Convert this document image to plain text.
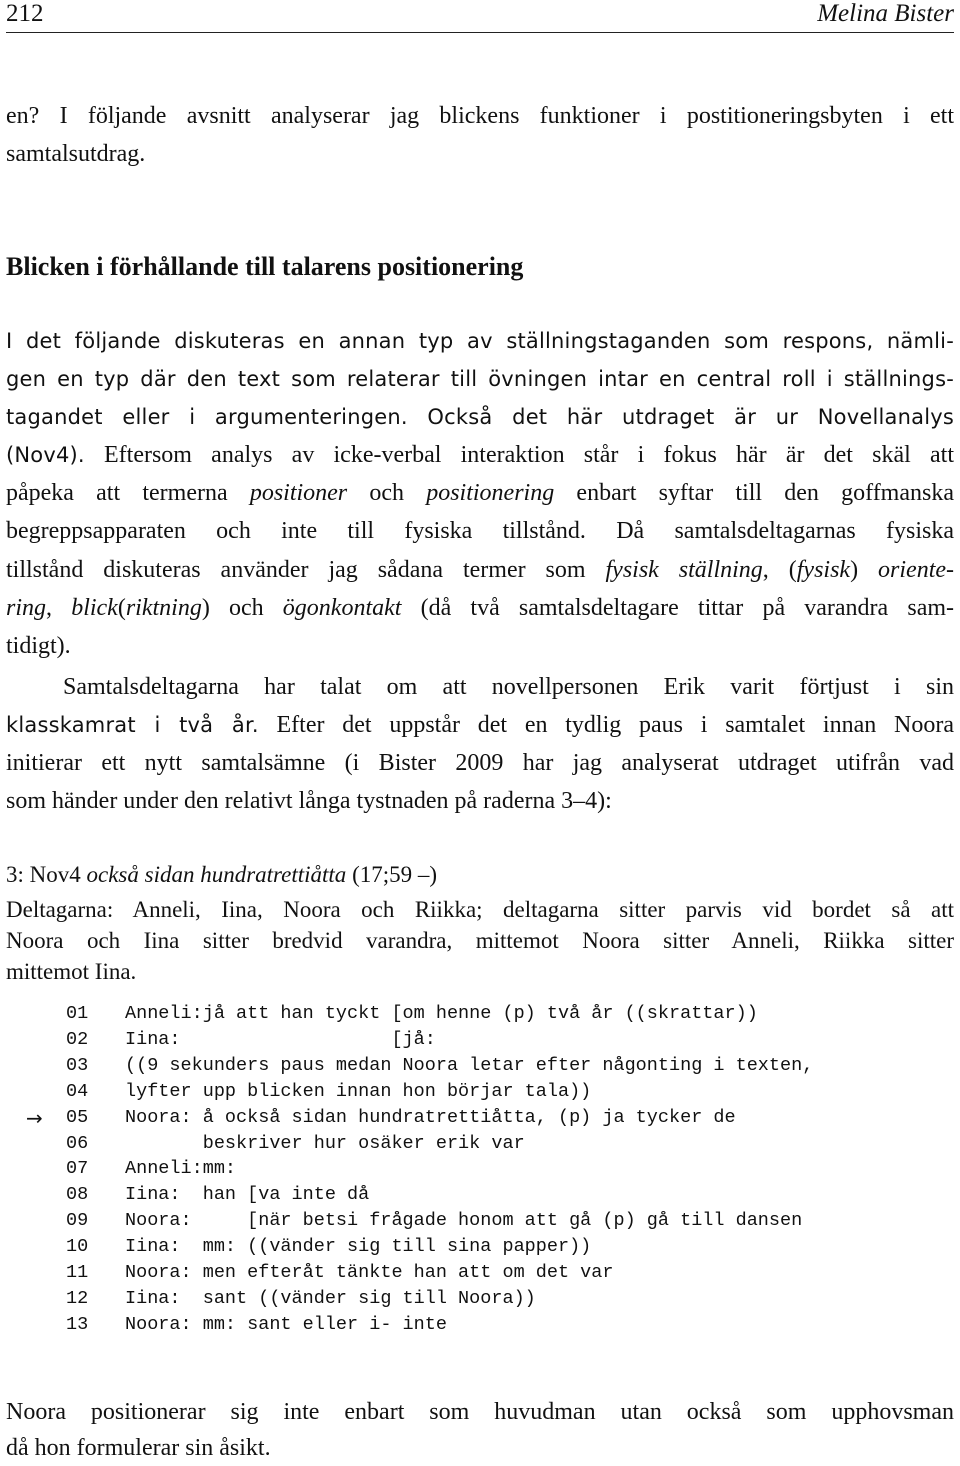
212	Melina Bister

en? I följande avsnitt analyserar jag blickens funktioner i postitioneringsbyten i ett

samtalsutdrag.

Blicken i förhållande till talarens positionering

I det följande diskuteras en annan typ av ställningstaganden som respons, nämli-

gen en typ där den text som relaterar till övningen intar en central roll i ställnings-

tagandet eller i argumenteringen. Också det här utdraget är ur Novellanalys

(Nov4). Eftersom analys av icke-verbal interaktion står i fokus här är det skäl att

påpeka att termerna positioner och positionering enbart syftar till den goffmanska

begreppsapparaten och inte till fysiska tillstånd. Då samtalsdeltagarnas fysiska

tillstånd diskuteras använder jag sådana termer som fysisk ställning, (fysisk) oriente-

ring, blick(riktning) och ögonkontakt (då två samtalsdeltagare tittar på varandra sam-

tidigt).

Samtalsdeltagarna har talat om att novellpersonen Erik varit förtjust i sin

klasskamrat i två år. Efter det uppstår det en tydlig paus i samtalet innan Noora

initierar ett nytt samtalsämne (i Bister 2009 har jag analyserat utdraget utifrån vad

som händer under den relativt långa tystnaden på raderna 3–4):

3: Nov4 också sidan hundratrettiåtta (17;59 –)

Deltagarna: Anneli, Iina, Noora och Riikka; deltagarna sitter parvis vid bordet så att

Noora och Iina sitter bredvid varandra, mittemot Noora sitter Anneli, Riikka sitter

mittemot Iina.

01 Anneli:jå att han tyckt [om henne (p) två år ((skrattar))
02 Iina:                   [jå:
03 ((9 sekunders paus medan Noora letar efter någonting i texten,
04 lyfter upp blicken innan hon börjar tala))
→ 05 Noora: å också sidan hundratrettiåtta, (p) ja tycker de
06 beskriver hur osäker erik var
07 Anneli:mm:
08 Iina:  han [va inte då
09 Noora:     [när betsi frågade honom att gå (p) gå till dansen
10 Iina:  mm: ((vänder sig till sina papper))
11 Noora: men efteråt tänkte han att om det var
12 Iina:  sant ((vänder sig till Noora))
13 Noora: mm: sant eller i- inte

Noora positionerar sig inte enbart som huvudman utan också som upphovsman

då hon formulerar sin åsikt.
